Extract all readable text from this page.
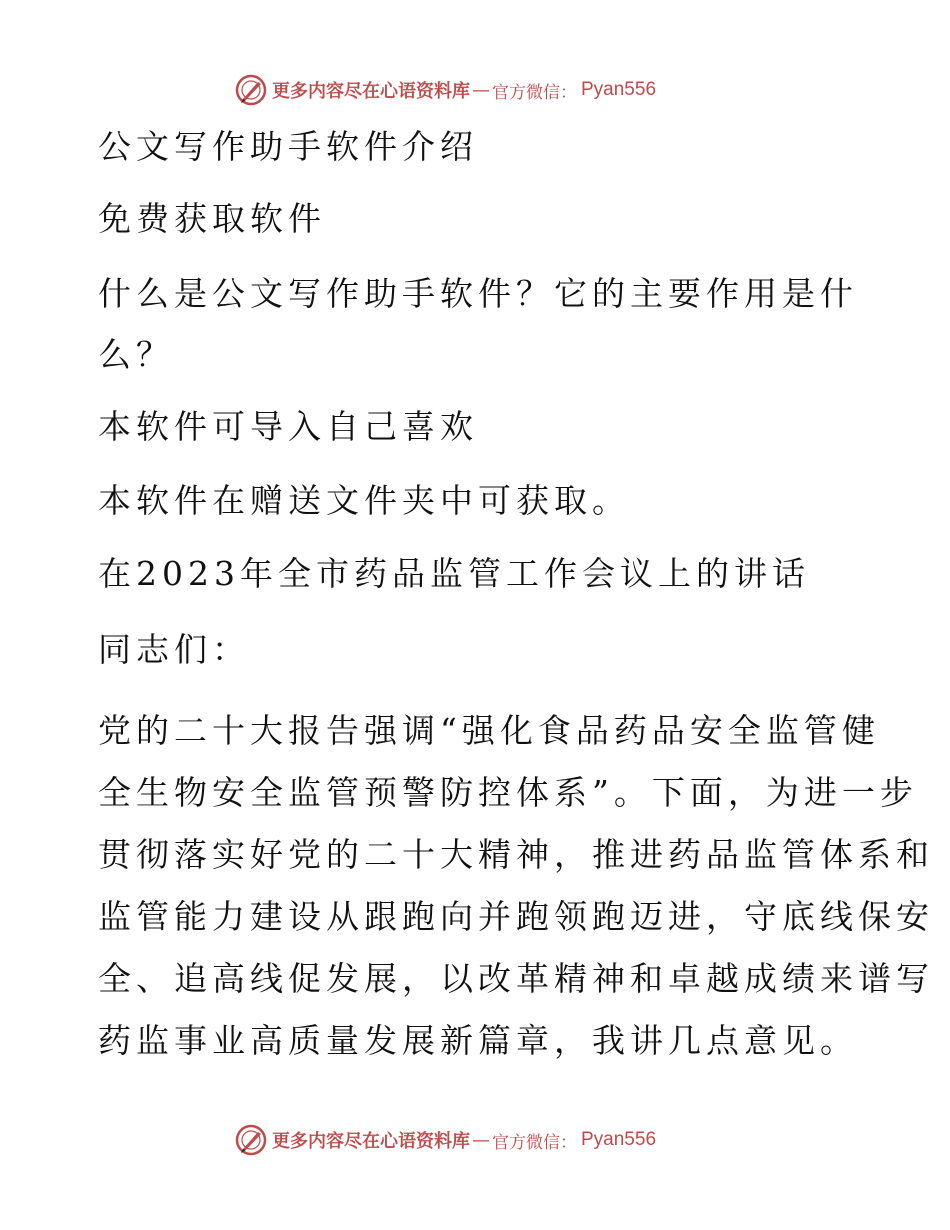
更多内容尽在心语资料库 — 官方微信： Pyan556
公文写作助手软件介绍
免费获取软件
什么是公文写作助手软件？它的主要作用是什
么？
本软件可导入自己喜欢
本软件在赠送文件夹中可获取。
在2023年全市药品监管工作会议上的讲话
同志们：
党的二十大报告强调“强化食品药品安全监管健
全生物安全监管预警防控体系”。下面，为进一步
贯彻落实好党的二十大精神，推进药品监管体系和
监管能力建设从跟跑向并跑领跑迈进，守底线保安
全、追高线促发展，以改革精神和卓越成绩来谱写
药监事业高质量发展新篇章，我讲几点意见。
更多内容尽在心语资料库 — 官方微信： Pyan556
